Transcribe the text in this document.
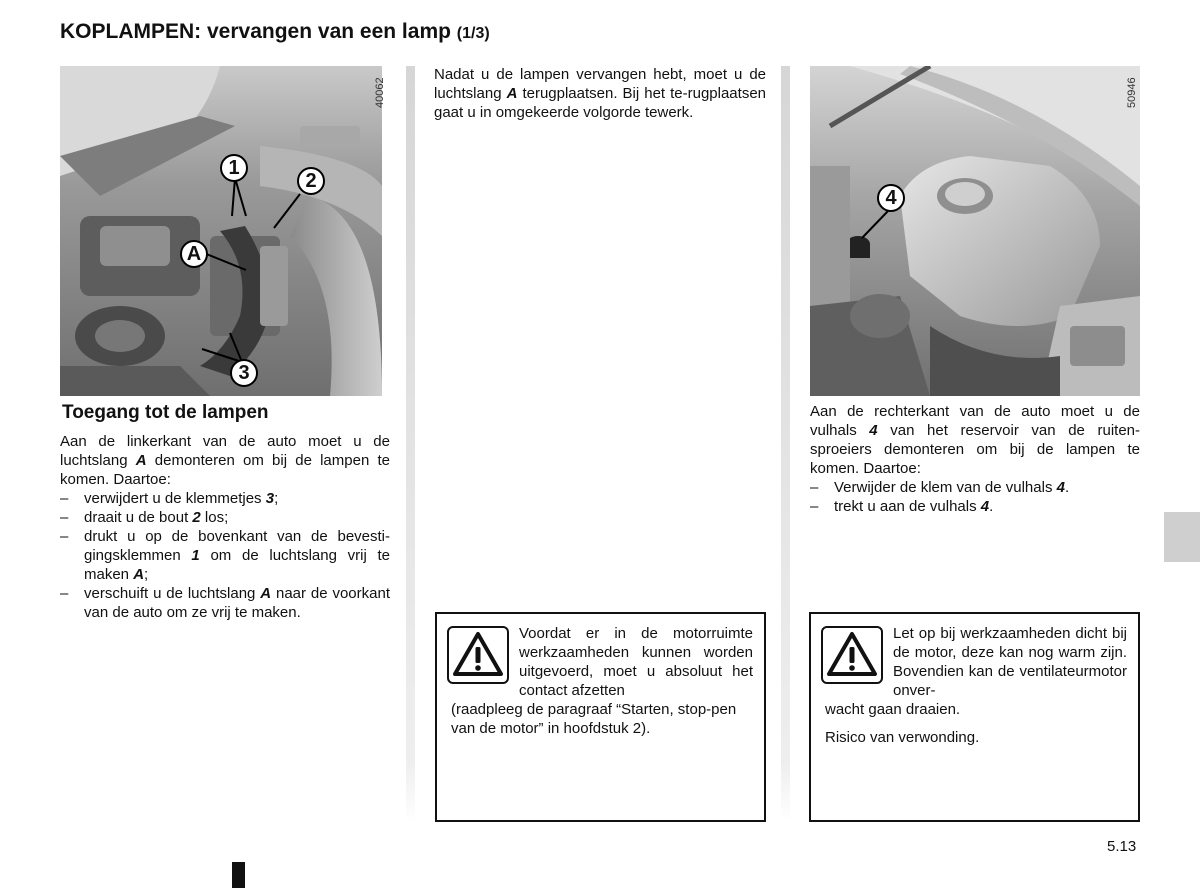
KOPLAMPEN: vervangen van een lamp (1/3)
40062
1
2
A
3
Toegang tot de lampen
Aan de linkerkant van de auto moet u de luchtslang A demonteren om bij de lampen te komen. Daartoe:
– verwijdert u de klemmetjes 3;
– draait u de bout 2 los;
– drukt u op de bovenkant van de bevesti-gingsklemmen 1 om de luchtslang vrij te maken A;
– verschuift u de luchtslang A naar de voorkant van de auto om ze vrij te maken.
Nadat u de lampen vervangen hebt, moet u de luchtslang A terugplaatsen. Bij het te-rugplaatsen gaat u in omgekeerde volgorde tewerk.
Voordat er in de motorruimte werkzaamheden kunnen worden uitgevoerd, moet u absoluut het contact afzetten
(raadpleeg de paragraaf “Starten, stop-pen van de motor” in hoofdstuk 2).
50946
4
Aan de rechterkant van de auto moet u de vulhals 4 van het reservoir van de ruiten-sproeiers demonteren om bij de lampen te komen. Daartoe:
– Verwijder de klem van de vulhals 4.
– trekt u aan de vulhals 4.
Let op bij werkzaamheden dicht bij de motor, deze kan nog warm zijn. Bovendien kan de ventilateurmotor onver-
wacht gaan draaien.
Risico van verwonding.
5.13
